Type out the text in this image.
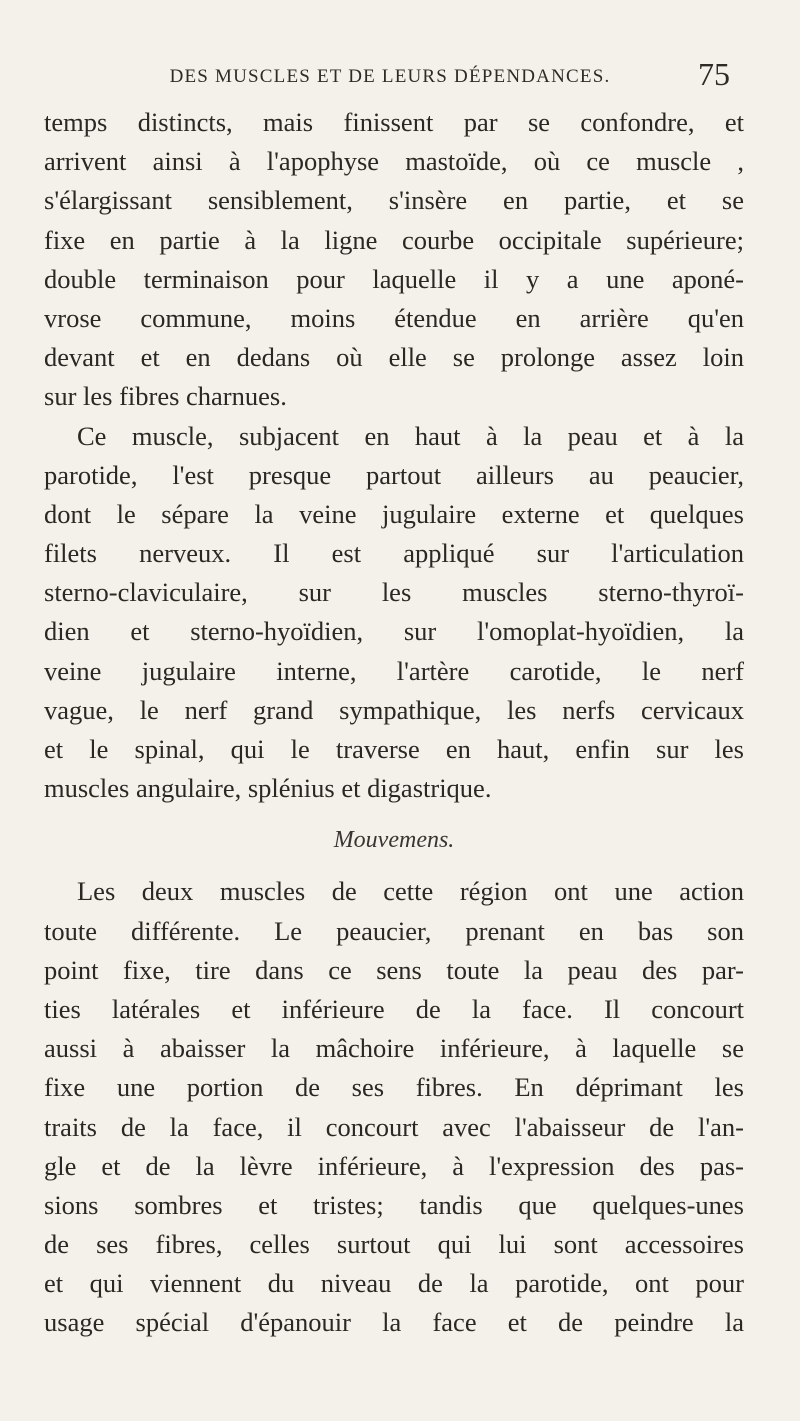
DES MUSCLES ET DE LEURS DÉPENDANCES.	75
temps distincts, mais finissent par se confondre, et
arrivent ainsi à l'apophyse mastoïde, où ce muscle ,
s'élargissant sensiblement, s'insère en partie, et se
fixe en partie à la ligne courbe occipitale supérieure;
double terminaison pour laquelle il y a une aponé-
vrose commune, moins étendue en arrière qu'en
devant et en dedans où elle se prolonge assez loin
sur les fibres charnues.
Ce muscle, subjacent en haut à la peau et à la
parotide, l'est presque partout ailleurs au peaucier,
dont le sépare la veine jugulaire externe et quelques
filets nerveux. Il est appliqué sur l'articulation
sterno-claviculaire, sur les muscles sterno-thyroï-
dien et sterno-hyoïdien, sur l'omoplat-hyoïdien, la
veine jugulaire interne, l'artère carotide, le nerf
vague, le nerf grand sympathique, les nerfs cervicaux
et le spinal, qui le traverse en haut, enfin sur les
muscles angulaire, splénius et digastrique.
Mouvemens.
Les deux muscles de cette région ont une action
toute différente. Le peaucier, prenant en bas son
point fixe, tire dans ce sens toute la peau des par-
ties latérales et inférieure de la face. Il concourt
aussi à abaisser la mâchoire inférieure, à laquelle se
fixe une portion de ses fibres. En déprimant les
traits de la face, il concourt avec l'abaisseur de l'an-
gle et de la lèvre inférieure, à l'expression des pas-
sions sombres et tristes; tandis que quelques-unes
de ses fibres, celles surtout qui lui sont accessoires
et qui viennent du niveau de la parotide, ont pour
usage spécial d'épanouir la face et de peindre la
